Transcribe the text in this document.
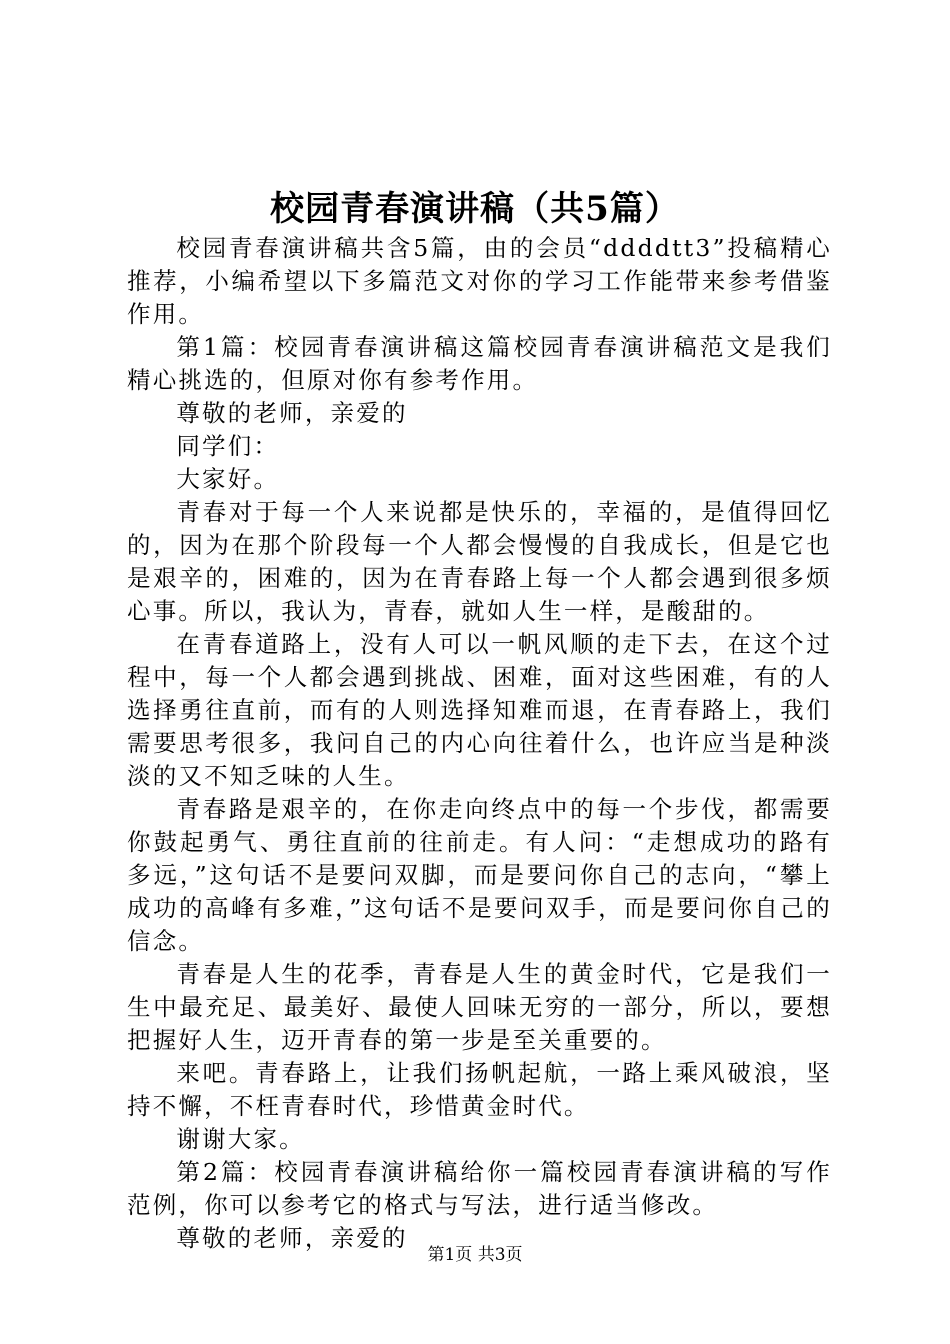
校园青春演讲稿（共5篇）

校园青春演讲稿共含5篇，由的会员“ddddtt3”投稿精心推荐，小编希望以下多篇范文对你的学习工作能带来参考借鉴作用。

第1篇：校园青春演讲稿这篇校园青春演讲稿范文是我们精心挑选的，但原对你有参考作用。

尊敬的老师，亲爱的

同学们：

大家好。

青春对于每一个人来说都是快乐的，幸福的，是值得回忆的，因为在那个阶段每一个人都会慢慢的自我成长，但是它也是艰辛的，困难的，因为在青春路上每一个人都会遇到很多烦心事。所以，我认为，青春，就如人生一样，是酸甜的。

在青春道路上，没有人可以一帆风顺的走下去，在这个过程中，每一个人都会遇到挑战、困难，面对这些困难，有的人选择勇往直前，而有的人则选择知难而退，在青春路上，我们需要思考很多，我问自己的内心向往着什么，也许应当是种淡淡的又不知乏味的人生。

青春路是艰辛的，在你走向终点中的每一个步伐，都需要你鼓起勇气、勇往直前的往前走。有人问：“走想成功的路有多远，”这句话不是要问双脚，而是要问你自己的志向，“攀上成功的高峰有多难，”这句话不是要问双手，而是要问你自己的信念。

青春是人生的花季，青春是人生的黄金时代，它是我们一生中最充足、最美好、最使人回味无穷的一部分，所以，要想把握好人生，迈开青春的第一步是至关重要的。

来吧。青春路上，让我们扬帆起航，一路上乘风破浪，坚持不懈，不枉青春时代，珍惜黄金时代。

谢谢大家。

第2篇：校园青春演讲稿给你一篇校园青春演讲稿的写作范例，你可以参考它的格式与写法，进行适当修改。

尊敬的老师，亲爱的

第1页 共3页
